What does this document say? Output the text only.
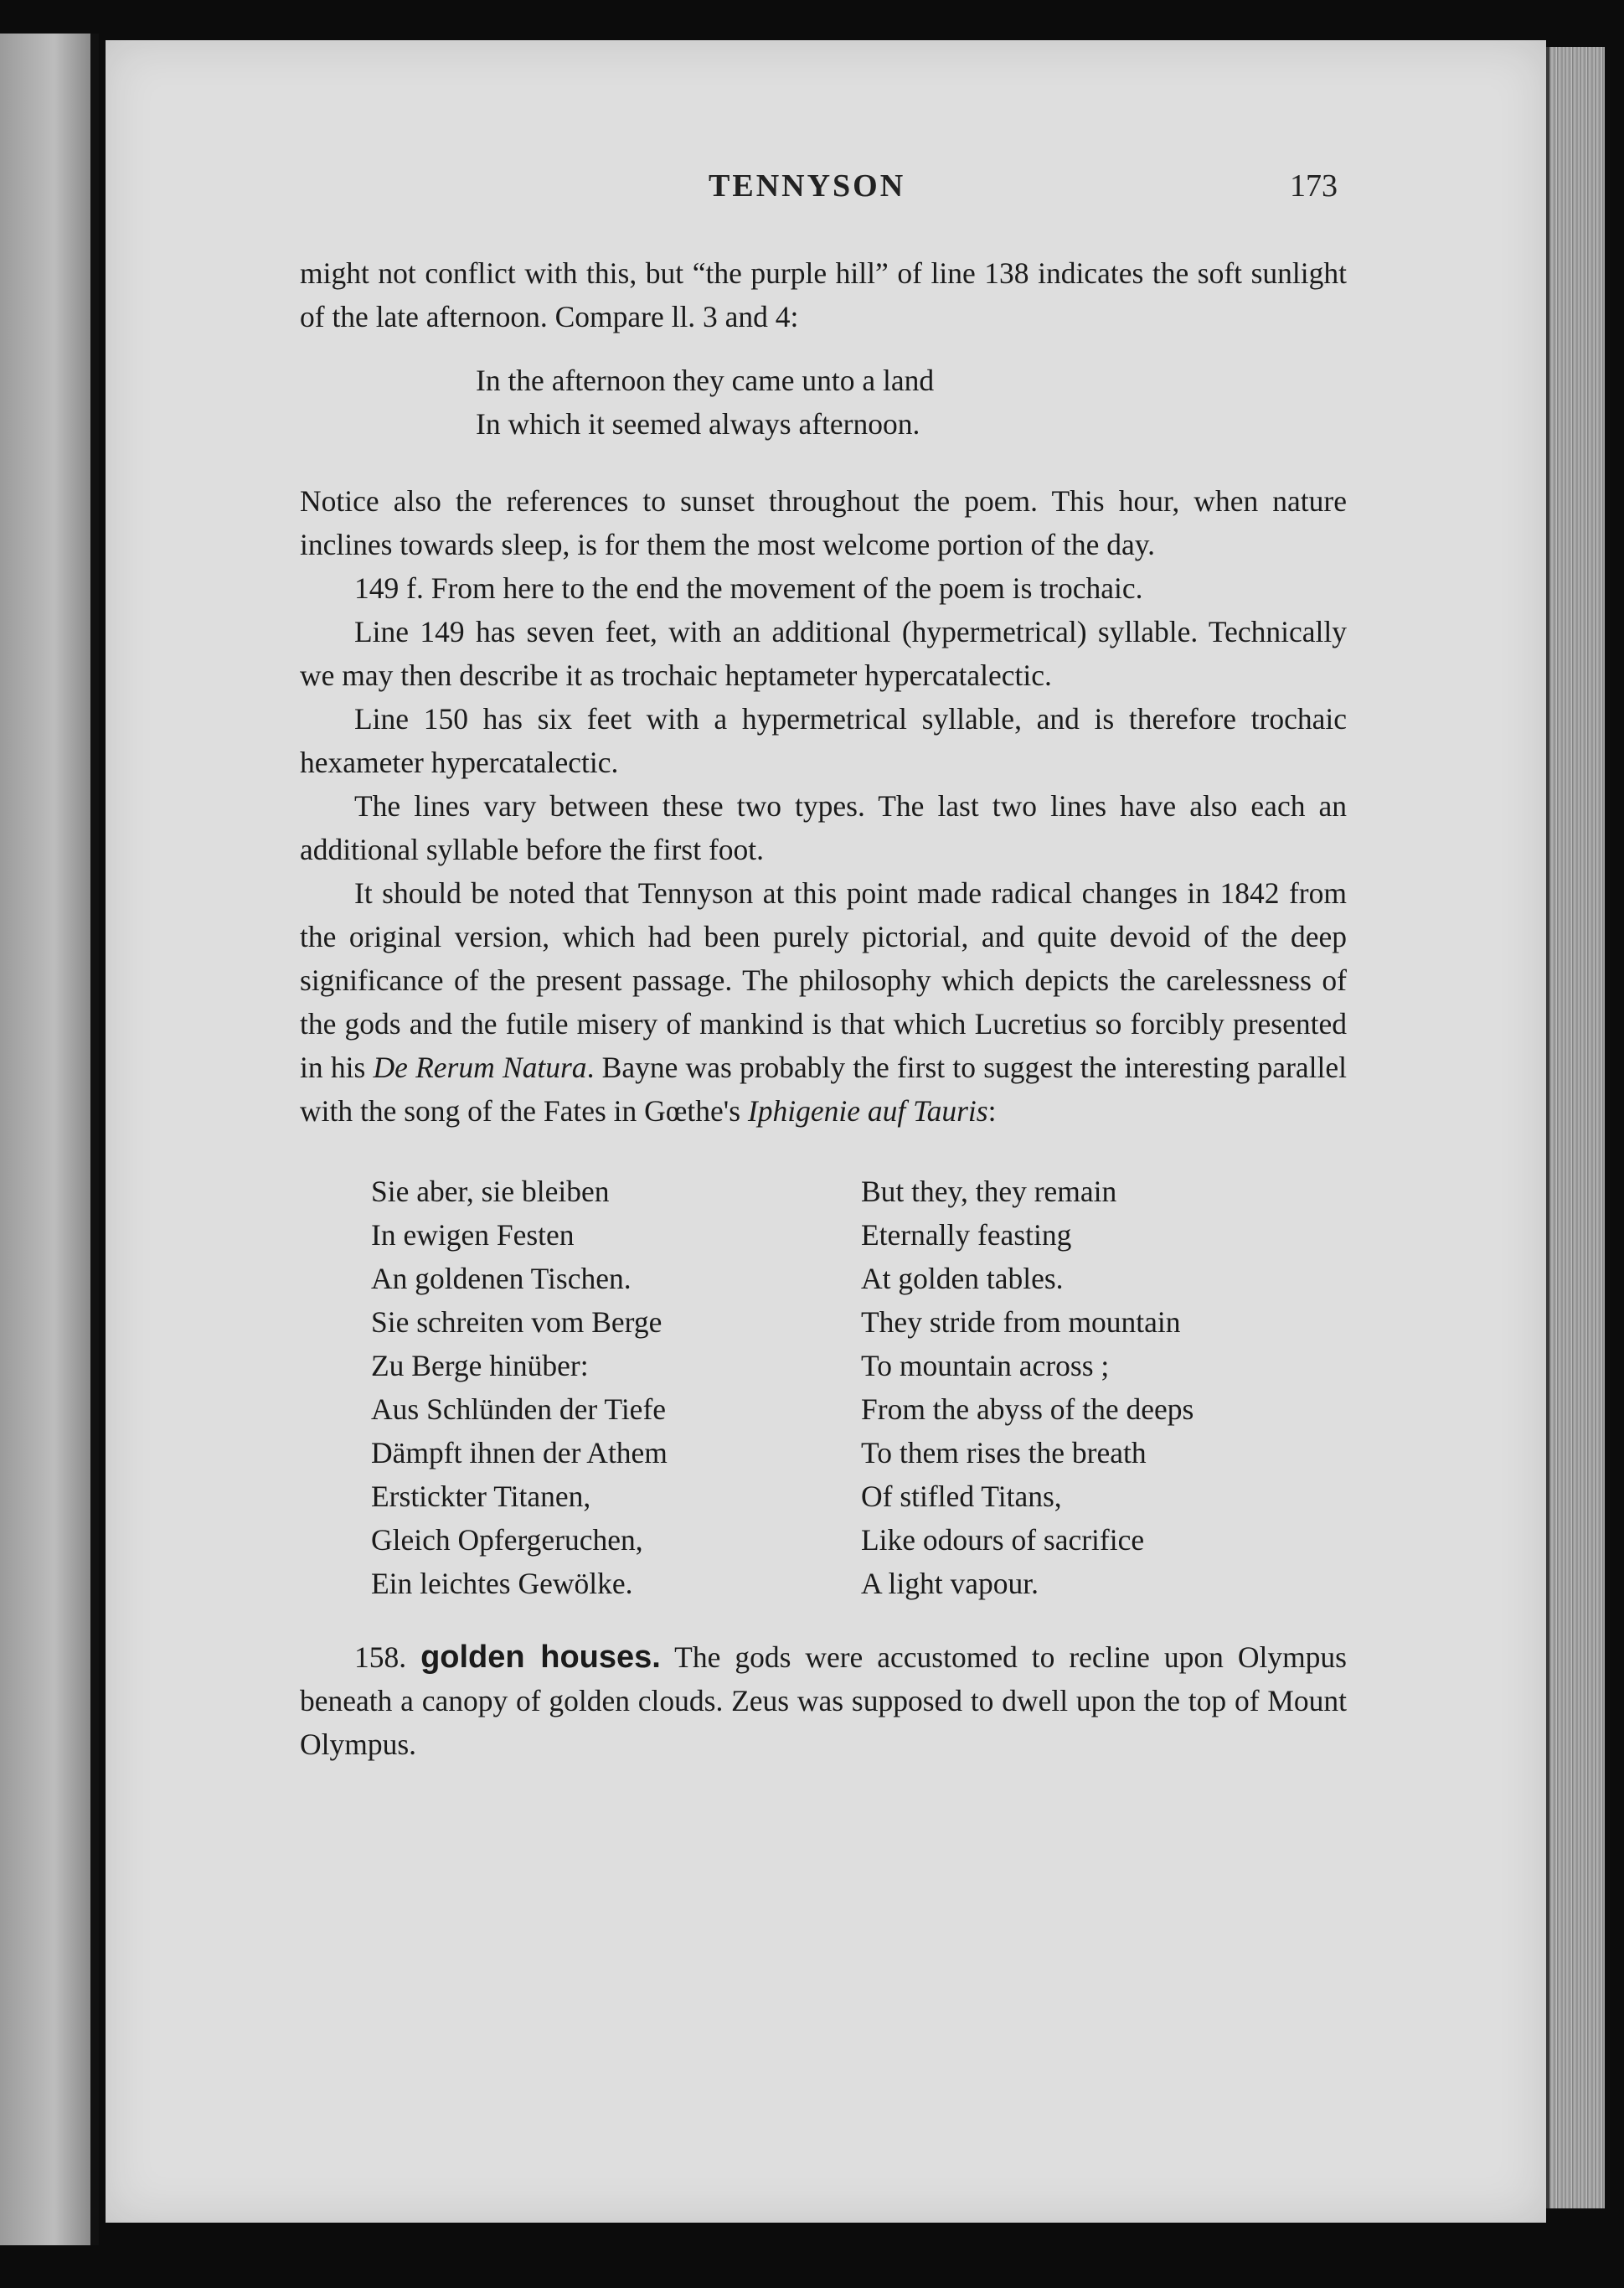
TENNYSON	173

might not conflict with this, but “the purple hill” of line 138 indicates the soft sunlight of the late afternoon. Compare ll. 3 and 4:

In the afternoon they came unto a land
In which it seemed always afternoon.

Notice also the references to sunset throughout the poem. This hour, when nature inclines towards sleep, is for them the most welcome portion of the day.

149 f. From here to the end the movement of the poem is trochaic.

Line 149 has seven feet, with an additional (hypermetrical) syllable. Technically we may then describe it as trochaic heptameter hypercatalectic.

Line 150 has six feet with a hypermetrical syllable, and is therefore trochaic hexameter hypercatalectic.

The lines vary between these two types. The last two lines have also each an additional syllable before the first foot.

It should be noted that Tennyson at this point made radical changes in 1842 from the original version, which had been purely pictorial, and quite devoid of the deep significance of the present passage. The philosophy which depicts the carelessness of the gods and the futile misery of mankind is that which Lucretius so forcibly presented in his De Rerum Natura. Bayne was probably the first to suggest the interesting parallel with the song of the Fates in Gœthe's Iphigenie auf Tauris:

Sie aber, sie bleiben	But they, they remain
In ewigen Festen	Eternally feasting
An goldenen Tischen.	At golden tables.
Sie schreiten vom Berge	They stride from mountain
Zu Berge hinüber:	To mountain across ;
Aus Schlünden der Tiefe	From the abyss of the deeps
Dämpft ihnen der Athem	To them rises the breath
Erstickter Titanen,	Of stifled Titans,
Gleich Opfergeruchen,	Like odours of sacrifice
Ein leichtes Gewölke.	A light vapour.

158. golden houses. The gods were accustomed to recline upon Olympus beneath a canopy of golden clouds. Zeus was supposed to dwell upon the top of Mount Olympus.
